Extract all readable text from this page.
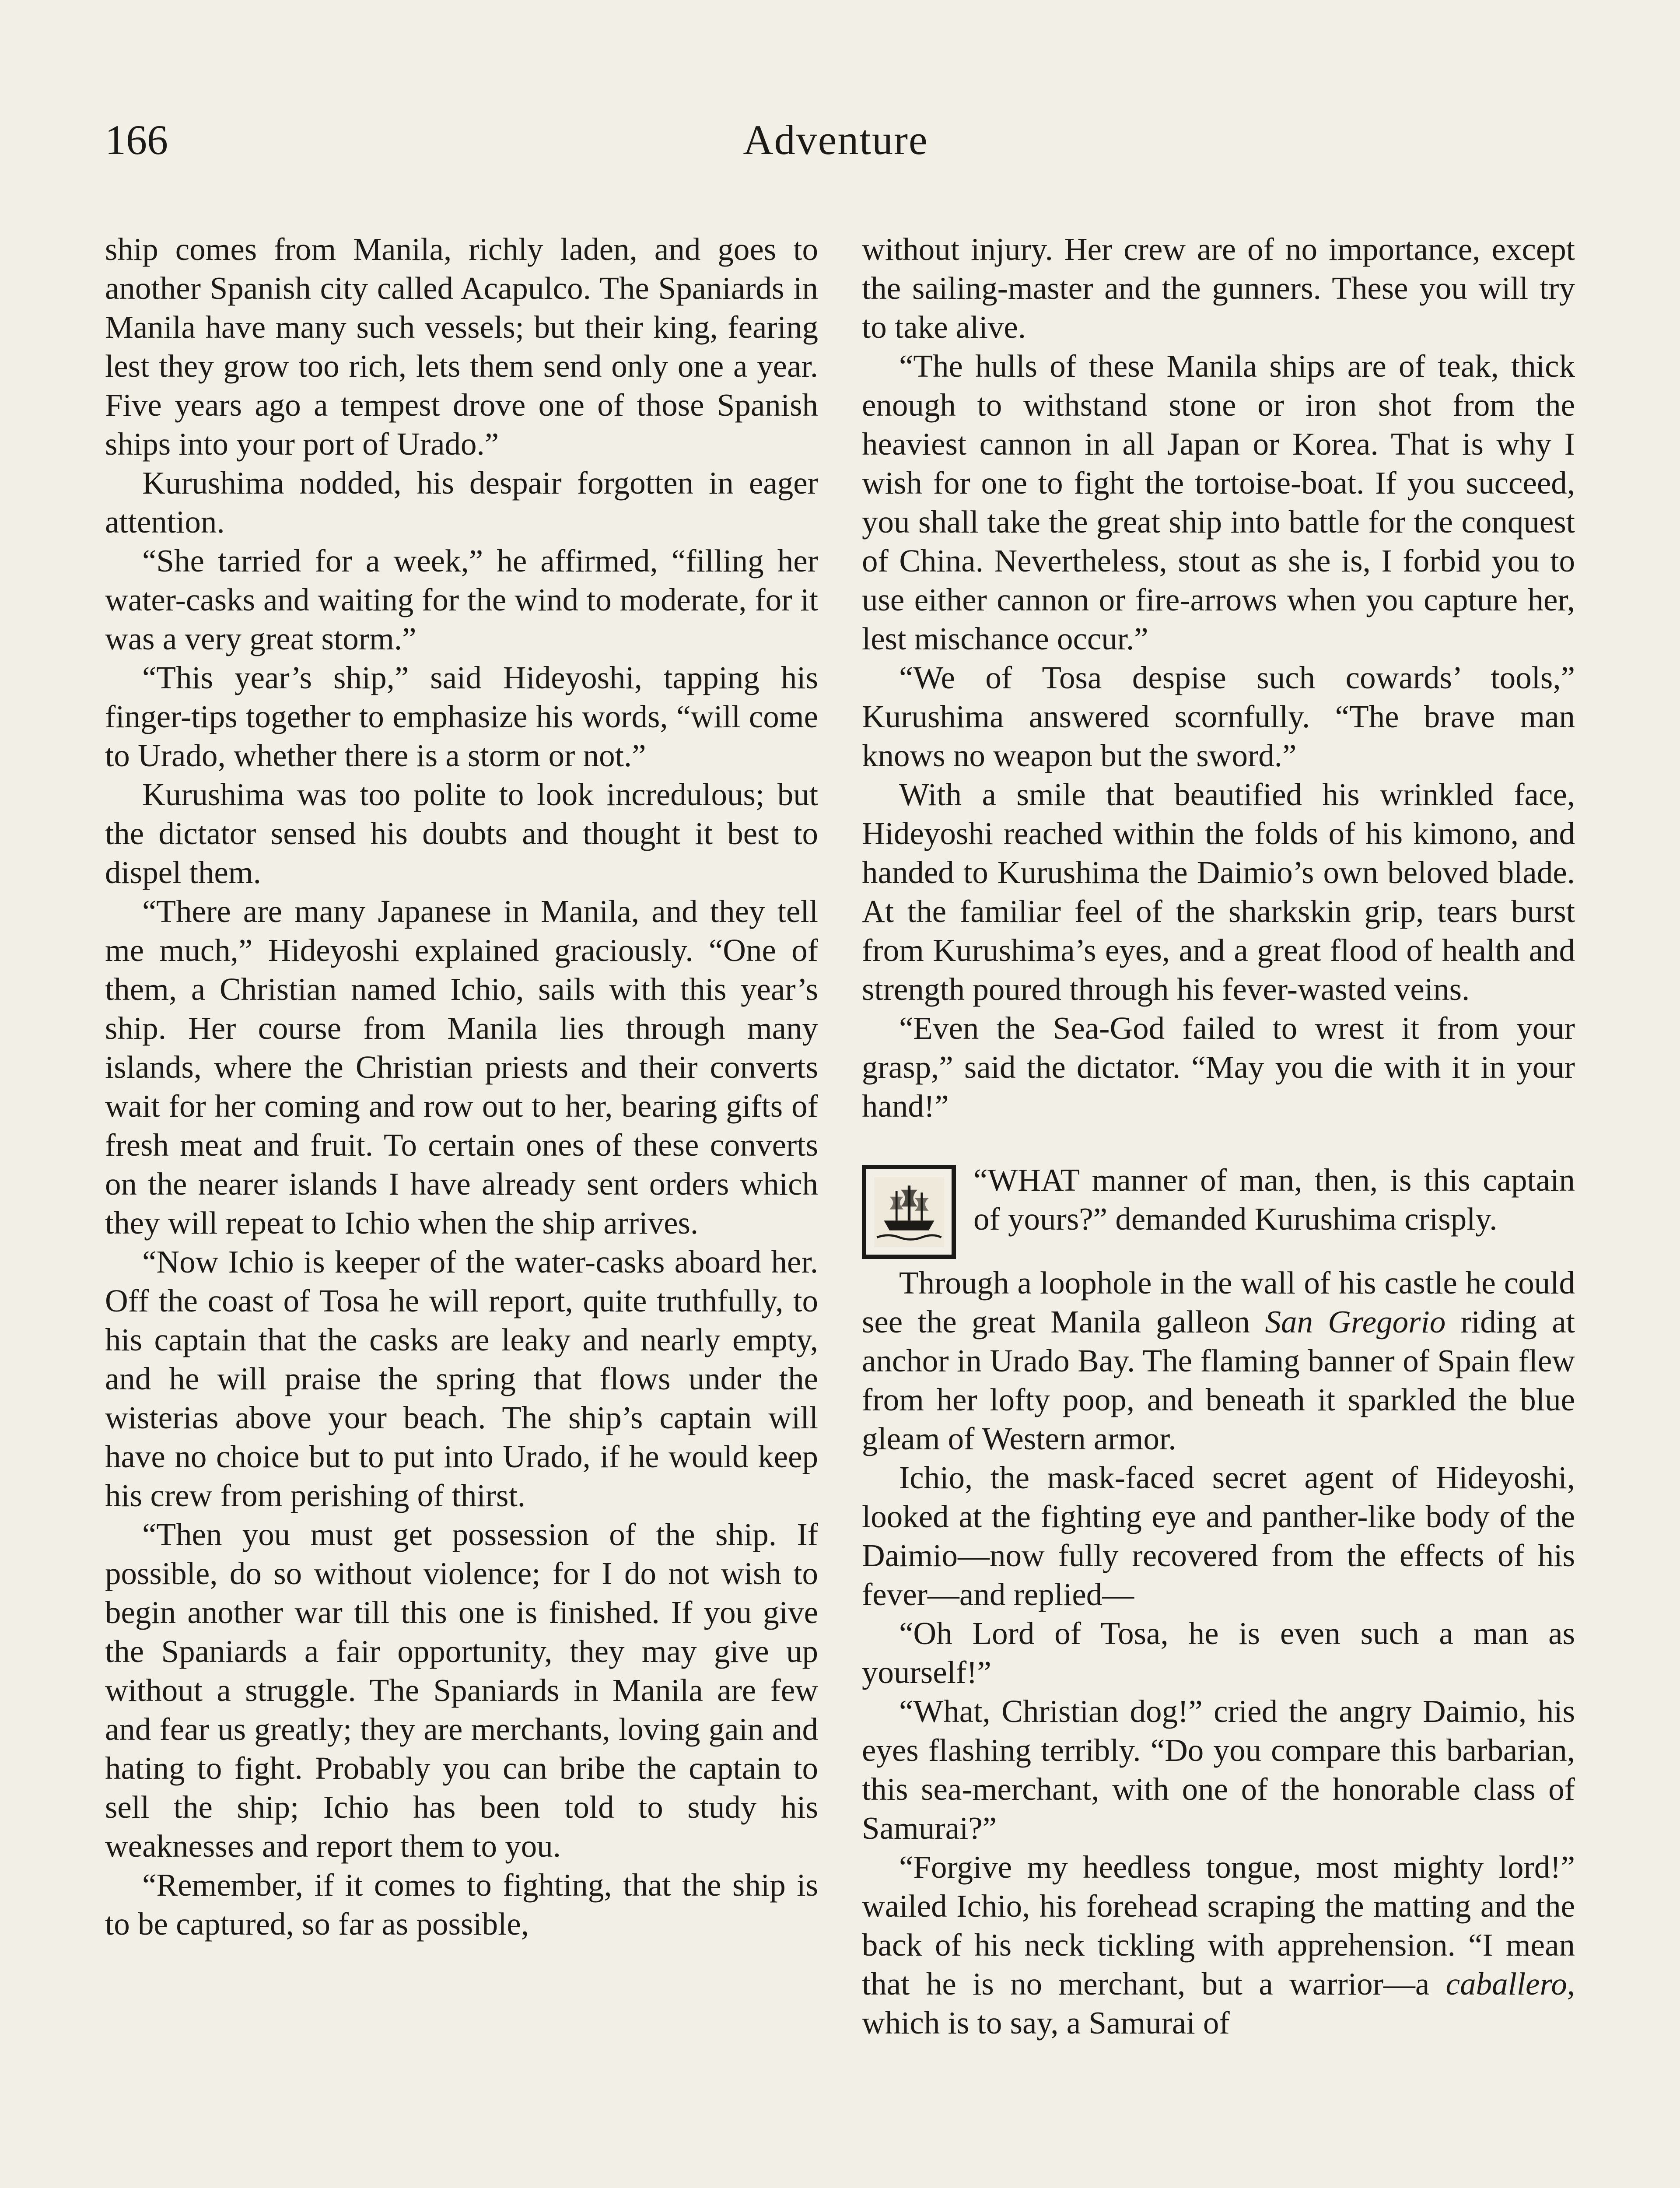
166	Adventure

ship comes from Manila, richly laden, and goes to another Spanish city called Acapulco. The Spaniards in Manila have many such vessels; but their king, fearing lest they grow too rich, lets them send only one a year. Five years ago a tempest drove one of those Spanish ships into your port of Urado.”

Kurushima nodded, his despair forgotten in eager attention.

“She tarried for a week,” he affirmed, “filling her water-casks and waiting for the wind to moderate, for it was a very great storm.”

“This year’s ship,” said Hideyoshi, tapping his finger-tips together to emphasize his words, “will come to Urado, whether there is a storm or not.”

Kurushima was too polite to look incredulous; but the dictator sensed his doubts and thought it best to dispel them.

“There are many Japanese in Manila, and they tell me much,” Hideyoshi explained graciously. “One of them, a Christian named Ichio, sails with this year’s ship. Her course from Manila lies through many islands, where the Christian priests and their converts wait for her coming and row out to her, bearing gifts of fresh meat and fruit. To certain ones of these converts on the nearer islands I have already sent orders which they will repeat to Ichio when the ship arrives.

“Now Ichio is keeper of the water-casks aboard her. Off the coast of Tosa he will report, quite truthfully, to his captain that the casks are leaky and nearly empty, and he will praise the spring that flows under the wisterias above your beach. The ship’s captain will have no choice but to put into Urado, if he would keep his crew from perishing of thirst.

“Then you must get possession of the ship. If possible, do so without violence; for I do not wish to begin another war till this one is finished. If you give the Spaniards a fair opportunity, they may give up without a struggle. The Spaniards in Manila are few and fear us greatly; they are merchants, loving gain and hating to fight. Probably you can bribe the captain to sell the ship; Ichio has been told to study his weaknesses and report them to you.

“Remember, if it comes to fighting, that the ship is to be captured, so far as possible,

without injury. Her crew are of no importance, except the sailing-master and the gunners. These you will try to take alive.

“The hulls of these Manila ships are of teak, thick enough to withstand stone or iron shot from the heaviest cannon in all Japan or Korea. That is why I wish for one to fight the tortoise-boat. If you succeed, you shall take the great ship into battle for the conquest of China. Nevertheless, stout as she is, I forbid you to use either cannon or fire-arrows when you capture her, lest mischance occur.”

“We of Tosa despise such cowards’ tools,” Kurushima answered scornfully. “The brave man knows no weapon but the sword.”

With a smile that beautified his wrinkled face, Hideyoshi reached within the folds of his kimono, and handed to Kurushima the Daimio’s own beloved blade. At the familiar feel of the sharkskin grip, tears burst from Kurushima’s eyes, and a great flood of health and strength poured through his fever-wasted veins.

“Even the Sea-God failed to wrest it from your grasp,” said the dictator. “May you die with it in your hand!”

“WHAT manner of man, then, is this captain of yours?” demanded Kurushima crisply.

Through a loophole in the wall of his castle he could see the great Manila galleon San Gregorio riding at anchor in Urado Bay. The flaming banner of Spain flew from her lofty poop, and beneath it sparkled the blue gleam of Western armor.

Ichio, the mask-faced secret agent of Hideyoshi, looked at the fighting eye and panther-like body of the Daimio—now fully recovered from the effects of his fever—and replied—

“Oh Lord of Tosa, he is even such a man as yourself!”

“What, Christian dog!” cried the angry Daimio, his eyes flashing terribly. “Do you compare this barbarian, this sea-merchant, with one of the honorable class of Samurai?”

“Forgive my heedless tongue, most mighty lord!” wailed Ichio, his forehead scraping the matting and the back of his neck tickling with apprehension. “I mean that he is no merchant, but a warrior—a caballero, which is to say, a Samurai of
